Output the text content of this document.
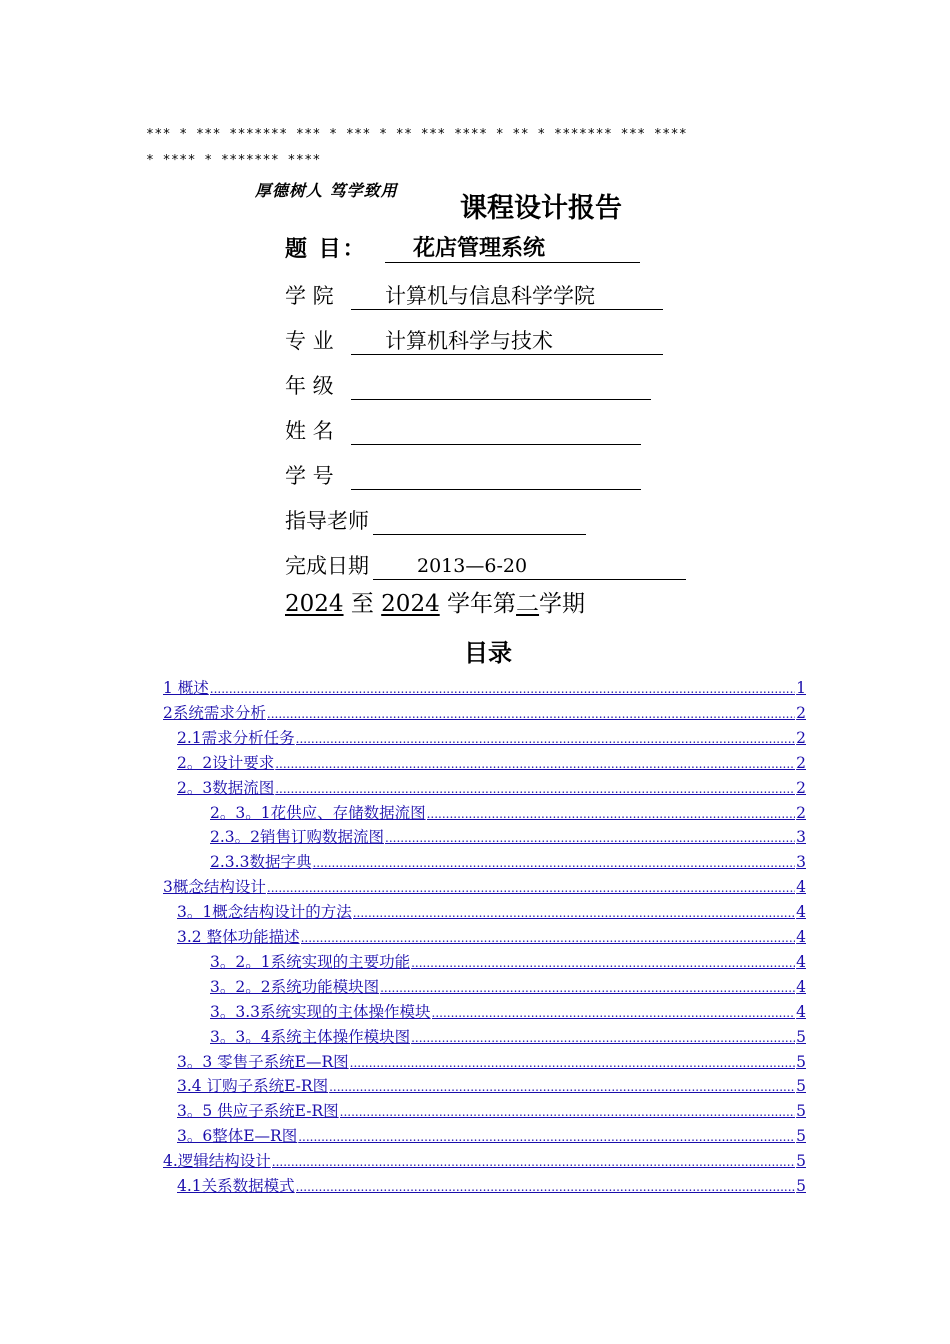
*** * *** ******* *** * *** * ** *** **** * ** * ******* *** ****
* **** * ******* ****
厚德树人 笃学致用
课程设计报告
题 目：	花店管理系统
学 院	计算机与信息科学学院
专 业	计算机科学与技术
年 级
姓 名
学 号
指导老师
完成日期	2013—6-20
2024 至 2024 学年第二学期
目录
1 概述 .....	1
2系统需求分析 .....	2
2.1需求分析任务 .....	2
2。2设计要求 .....	2
2。3数据流图 .....	2
2。3。1花供应、存储数据流图 .....	2
2.3。2销售订购数据流图 .....	3
2.3.3数据字典 .....	3
3概念结构设计 .....	4
3。1概念结构设计的方法 .....	4
3.2 整体功能描述 .....	4
3。2。1系统实现的主要功能 .....	4
3。2。2系统功能模块图 .....	4
3。3.3系统实现的主体操作模块 .....	4
3。3。4系统主体操作模块图 .....	5
3。3 零售子系统E—R图 .....	5
3.4 订购子系统E-R图 .....	5
3。5 供应子系统E-R图 .....	5
3。6整体E—R图 .....	5
4.逻辑结构设计 .....	5
4.1关系数据模式 .....	5
